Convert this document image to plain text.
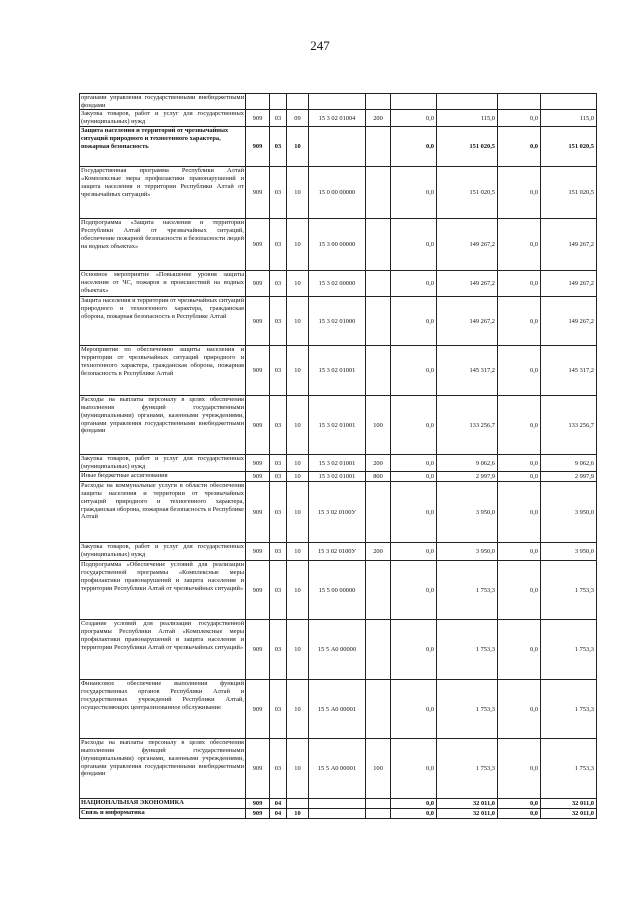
247
органами управления государственными внебюджетными фондами									
Закупка товаров, работ и услуг для государственных (муниципальных) нужд	909	03	09	15 3 02 01004	200	0,0	115,0	0,0	115,0
Защита населения и территорий от чрезвычайных ситуаций природного и техногенного характера, пожарная безопасность	909	03	10			0,0	151 020,5	0,0	151 020,5
Государственная программа Республики Алтай «Комплексные меры профилактики правонарушений и защита населения и территории Республики Алтай от чрезвычайных ситуаций»	909	03	10	15 0 00 00000		0,0	151 020,5	0,0	151 020,5
Подпрограмма «Защита населения и территории Республики Алтай от чрезвычайных ситуаций, обеспечение пожарной безопасности и безопасности людей на водных объектах»	909	03	10	15 3 00 00000		0,0	149 267,2	0,0	149 267,2
Основное мероприятие «Повышение уровня защиты населения от ЧС, пожаров и происшествий на водных объектах»	909	03	10	15 3 02 00000		0,0	149 267,2	0,0	149 267,2
Защита населения и территории от чрезвычайных ситуаций природного и техногенного характера, гражданская оборона, пожарная безопасность в Республике Алтай	909	03	10	15 3 02 01000		0,0	149 267,2	0,0	149 267,2
Мероприятия по обеспечению защиты населения и территории от чрезвычайных ситуаций природного и техногенного характера, гражданская оборона, пожарная безопасность в Республике Алтай	909	03	10	15 3 02 01001		0,0	145 317,2	0,0	145 317,2
Расходы на выплаты персоналу в целях обеспечения выполнения функций государственными (муниципальными) органами, казенными учреждениями, органами управления государственными внебюджетными фондами	909	03	10	15 3 02 01001	100	0,0	133 256,7	0,0	133 256,7
Закупка товаров, работ и услуг для государственных (муниципальных) нужд	909	03	10	15 3 02 01001	200	0,0	9 062,6	0,0	9 062,6
Иные бюджетные ассигнования	909	03	10	15 3 02 01001	800	0,0	2 997,9	0,0	2 997,9
Расходы на коммунальные услуги в области обеспечения защиты населения и территории от чрезвычайных ситуаций природного и техногенного характера, гражданская оборона, пожарная безопасность в Республике Алтай	909	03	10	15 3 02 0100У		0,0	3 950,0	0,0	3 950,0
Закупка товаров, работ и услуг для государственных (муниципальных) нужд	909	03	10	15 3 02 0100У	200	0,0	3 950,0	0,0	3 950,0
Подпрограмма «Обеспечение условий для реализации государственной программы «Комплексные меры профилактики правонарушений и защита населения и территории Республики Алтай от чрезвычайных ситуаций»	909	03	10	15 5 00 00000		0,0	1 753,3	0,0	1 753,3
Создание условий для реализации государственной программы Республики Алтай «Комплексные меры профилактики правонарушений и защита населения и территории Республики Алтай от чрезвычайных ситуаций»	909	03	10	15 5 А0 00000		0,0	1 753,3	0,0	1 753,3
Финансовое обеспечение выполнения функций государственных органов Республики Алтай и государственных учреждений Республики Алтай, осуществляющих централизованное обслуживание	909	03	10	15 5 А0 00001		0,0	1 753,3	0,0	1 753,3
Расходы на выплаты персоналу в целях обеспечения выполнения функций государственными (муниципальными) органами, казенными учреждениями, органами управления государственными внебюджетными фондами	909	03	10	15 5 А0 00001	100	0,0	1 753,3	0,0	1 753,3
НАЦИОНАЛЬНАЯ ЭКОНОМИКА	909	04				0,0	32 011,0	0,0	32 011,0
Связь и информатика	909	04	10			0,0	32 011,0	0,0	32 011,0
